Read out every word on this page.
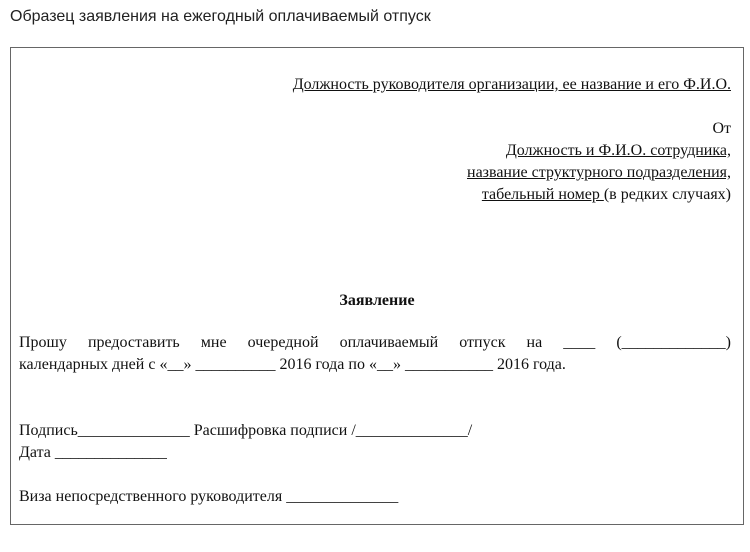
Образец заявления на ежегодный оплачиваемый отпуск
Должность руководителя организации, ее название и его Ф.И.О.
От
Должность и Ф.И.О. сотрудника,
название структурного подразделения,
табельный номер (в редких случаях)
Заявление
Прошу предоставить мне очередной оплачиваемый отпуск на ____ (_____________)
календарных дней с «__» __________ 2016 года по «__» ___________ 2016 года.
Подпись______________ Расшифровка подписи /______________/
Дата ______________
Виза непосредственного руководителя ______________
